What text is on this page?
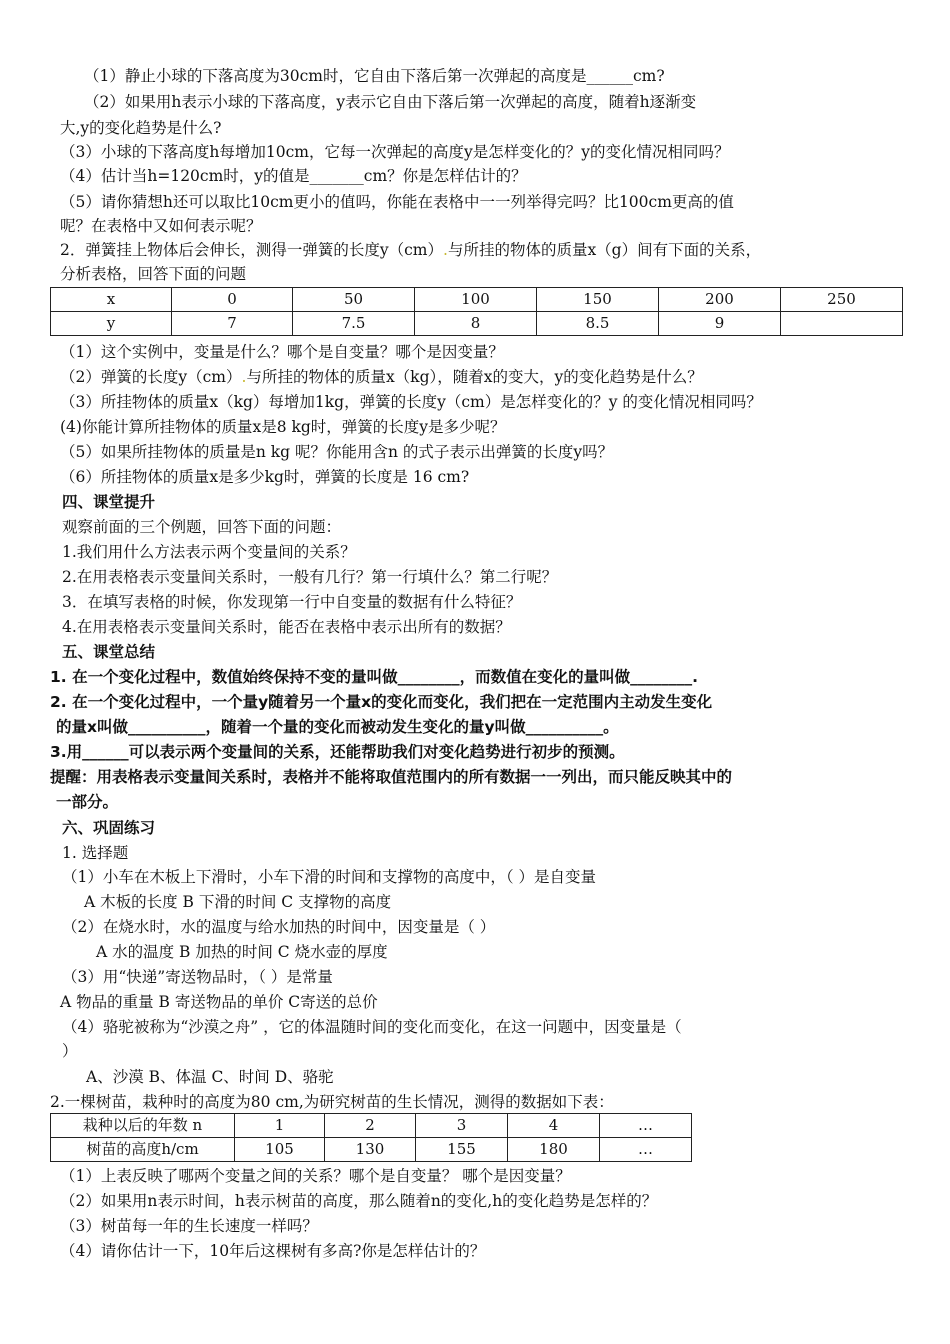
（1）静止小球的下落高度为30cm时，它自由下落后第一次弹起的高度是______cm?
（2）如果用h表示小球的下落高度，y表示它自由下落后第一次弹起的高度，随着h逐渐变
大,y的变化趋势是什么?
（3）小球的下落高度h每增加10cm，它每一次弹起的高度y是怎样变化的？y的变化情况相同吗？
（4）估计当h=120cm时，y的值是_______cm？你是怎样估计的？
（5）请你猜想h还可以取比10cm更小的值吗，你能在表格中一一列举得完吗？比100cm更高的值
呢？在表格中又如何表示呢？
2．弹簧挂上物体后会伸长，测得一弹簧的长度y（cm）.与所挂的物体的质量x（g）间有下面的关系，
分析表格，回答下面的问题
x	0	50	100	150	200	250
y	7	7.5	8	8.5	9	
（1）这个实例中，变量是什么？哪个是自变量？哪个是因变量？
（2）弹簧的长度y（cm）.与所挂的物体的质量x（kg），随着x的变大，y的变化趋势是什么？
（3）所挂物体的质量x（kg）每增加1kg，弹簧的长度y（cm）是怎样变化的？y 的变化情况相同吗？
(4)你能计算所挂物体的质量x是8 kg时，弹簧的长度y是多少呢？
（5）如果所挂物体的质量是n kg 呢？你能用含n 的式子表示出弹簧的长度y吗？
（6）所挂物体的质量x是多少kg时，弹簧的长度是 16 cm?
四、课堂提升
观察前面的三个例题，回答下面的问题：
1.我们用什么方法表示两个变量间的关系？
2.在用表格表示变量间关系时，一般有几行？第一行填什么？第二行呢？
3．在填写表格的时候，你发现第一行中自变量的数据有什么特征？
4.在用表格表示变量间关系时，能否在表格中表示出所有的数据？
五、课堂总结
1. 在一个变化过程中，数值始终保持不变的量叫做________，而数值在变化的量叫做________.
2. 在一个变化过程中，一个量y随着另一个量x的变化而变化，我们把在一定范围内主动发生变化
的量x叫做__________，随着一个量的变化而被动发生变化的量y叫做__________。
3.用______可以表示两个变量间的关系，还能帮助我们对变化趋势进行初步的预测。
提醒：用表格表示变量间关系时，表格并不能将取值范围内的所有数据一一列出，而只能反映其中的
一部分。
六、巩固练习
1. 选择题
（1）小车在木板上下滑时，小车下滑的时间和支撑物的高度中，（ ）是自变量
A 木板的长度 B 下滑的时间 C 支撑物的高度
（2）在烧水时，水的温度与给水加热的时间中，因变量是（ ）
A 水的温度 B 加热的时间 C 烧水壶的厚度
（3）用“快递”寄送物品时，（ ）是常量
A 物品的重量 B 寄送物品的单价 C寄送的总价
（4）骆驼被称为“沙漠之舟” ，它的体温随时间的变化而变化，在这一问题中，因变量是（
）
A、沙漠 B、体温 C、时间 D、骆驼
2.一棵树苗，栽种时的高度为80 cm,为研究树苗的生长情况，测得的数据如下表：
栽种以后的年数 n	1	2	3	4	…
树苗的高度h/cm	105	130	155	180	…
（1）上表反映了哪两个变量之间的关系？哪个是自变量？ 哪个是因变量？
（2）如果用n表示时间，h表示树苗的高度，那么随着n的变化,h的变化趋势是怎样的？
（3）树苗每一年的生长速度一样吗？
（4）请你估计一下，10年后这棵树有多高?你是怎样估计的？
